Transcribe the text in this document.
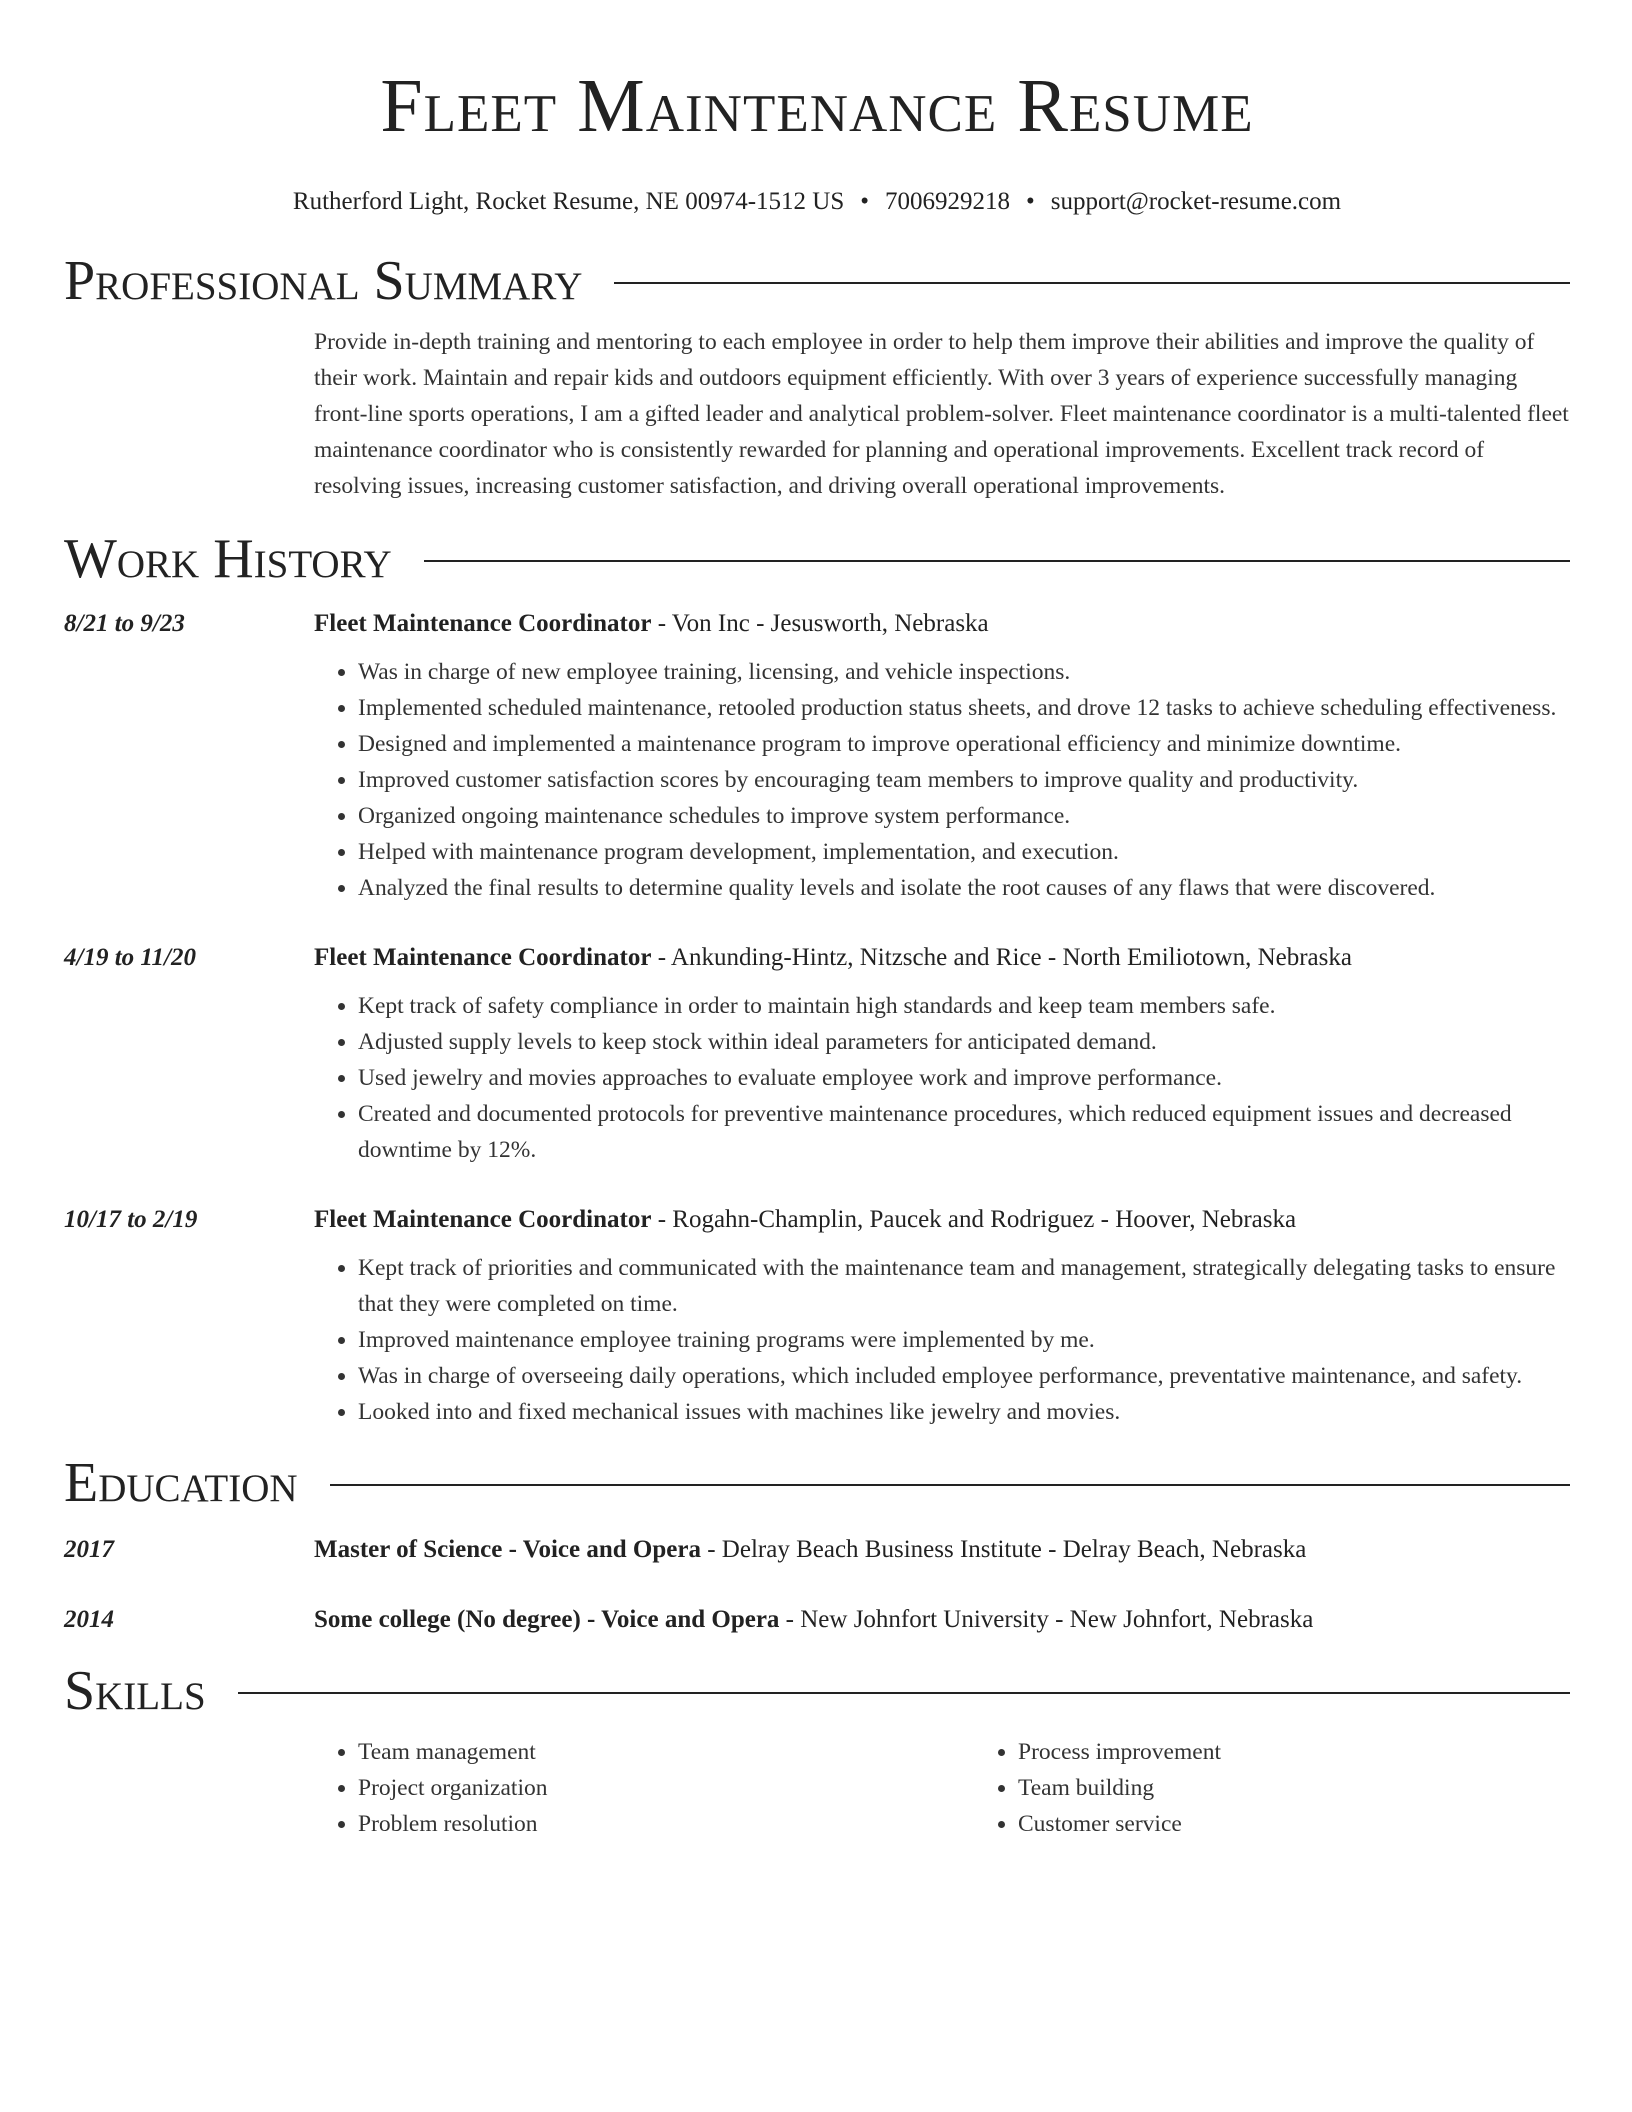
Fleet Maintenance Resume
Rutherford Light, Rocket Resume, NE 00974-1512 US • 7006929218 • support@rocket-resume.com
Professional Summary
Provide in-depth training and mentoring to each employee in order to help them improve their abilities and improve the quality of their work. Maintain and repair kids and outdoors equipment efficiently. With over 3 years of experience successfully managing front-line sports operations, I am a gifted leader and analytical problem-solver. Fleet maintenance coordinator is a multi-talented fleet maintenance coordinator who is consistently rewarded for planning and operational improvements. Excellent track record of resolving issues, increasing customer satisfaction, and driving overall operational improvements.
Work History
8/21 to 9/23	Fleet Maintenance Coordinator - Von Inc - Jesusworth, Nebraska
• Was in charge of new employee training, licensing, and vehicle inspections.
• Implemented scheduled maintenance, retooled production status sheets, and drove 12 tasks to achieve scheduling effectiveness.
• Designed and implemented a maintenance program to improve operational efficiency and minimize downtime.
• Improved customer satisfaction scores by encouraging team members to improve quality and productivity.
• Organized ongoing maintenance schedules to improve system performance.
• Helped with maintenance program development, implementation, and execution.
• Analyzed the final results to determine quality levels and isolate the root causes of any flaws that were discovered.
4/19 to 11/20	Fleet Maintenance Coordinator - Ankunding-Hintz, Nitzsche and Rice - North Emiliotown, Nebraska
• Kept track of safety compliance in order to maintain high standards and keep team members safe.
• Adjusted supply levels to keep stock within ideal parameters for anticipated demand.
• Used jewelry and movies approaches to evaluate employee work and improve performance.
• Created and documented protocols for preventive maintenance procedures, which reduced equipment issues and decreased downtime by 12%.
10/17 to 2/19	Fleet Maintenance Coordinator - Rogahn-Champlin, Paucek and Rodriguez - Hoover, Nebraska
• Kept track of priorities and communicated with the maintenance team and management, strategically delegating tasks to ensure that they were completed on time.
• Improved maintenance employee training programs were implemented by me.
• Was in charge of overseeing daily operations, which included employee performance, preventative maintenance, and safety.
• Looked into and fixed mechanical issues with machines like jewelry and movies.
Education
2017	Master of Science - Voice and Opera - Delray Beach Business Institute - Delray Beach, Nebraska
2014	Some college (No degree) - Voice and Opera - New Johnfort University - New Johnfort, Nebraska
Skills
• Team management
• Project organization
• Problem resolution
• Process improvement
• Team building
• Customer service
